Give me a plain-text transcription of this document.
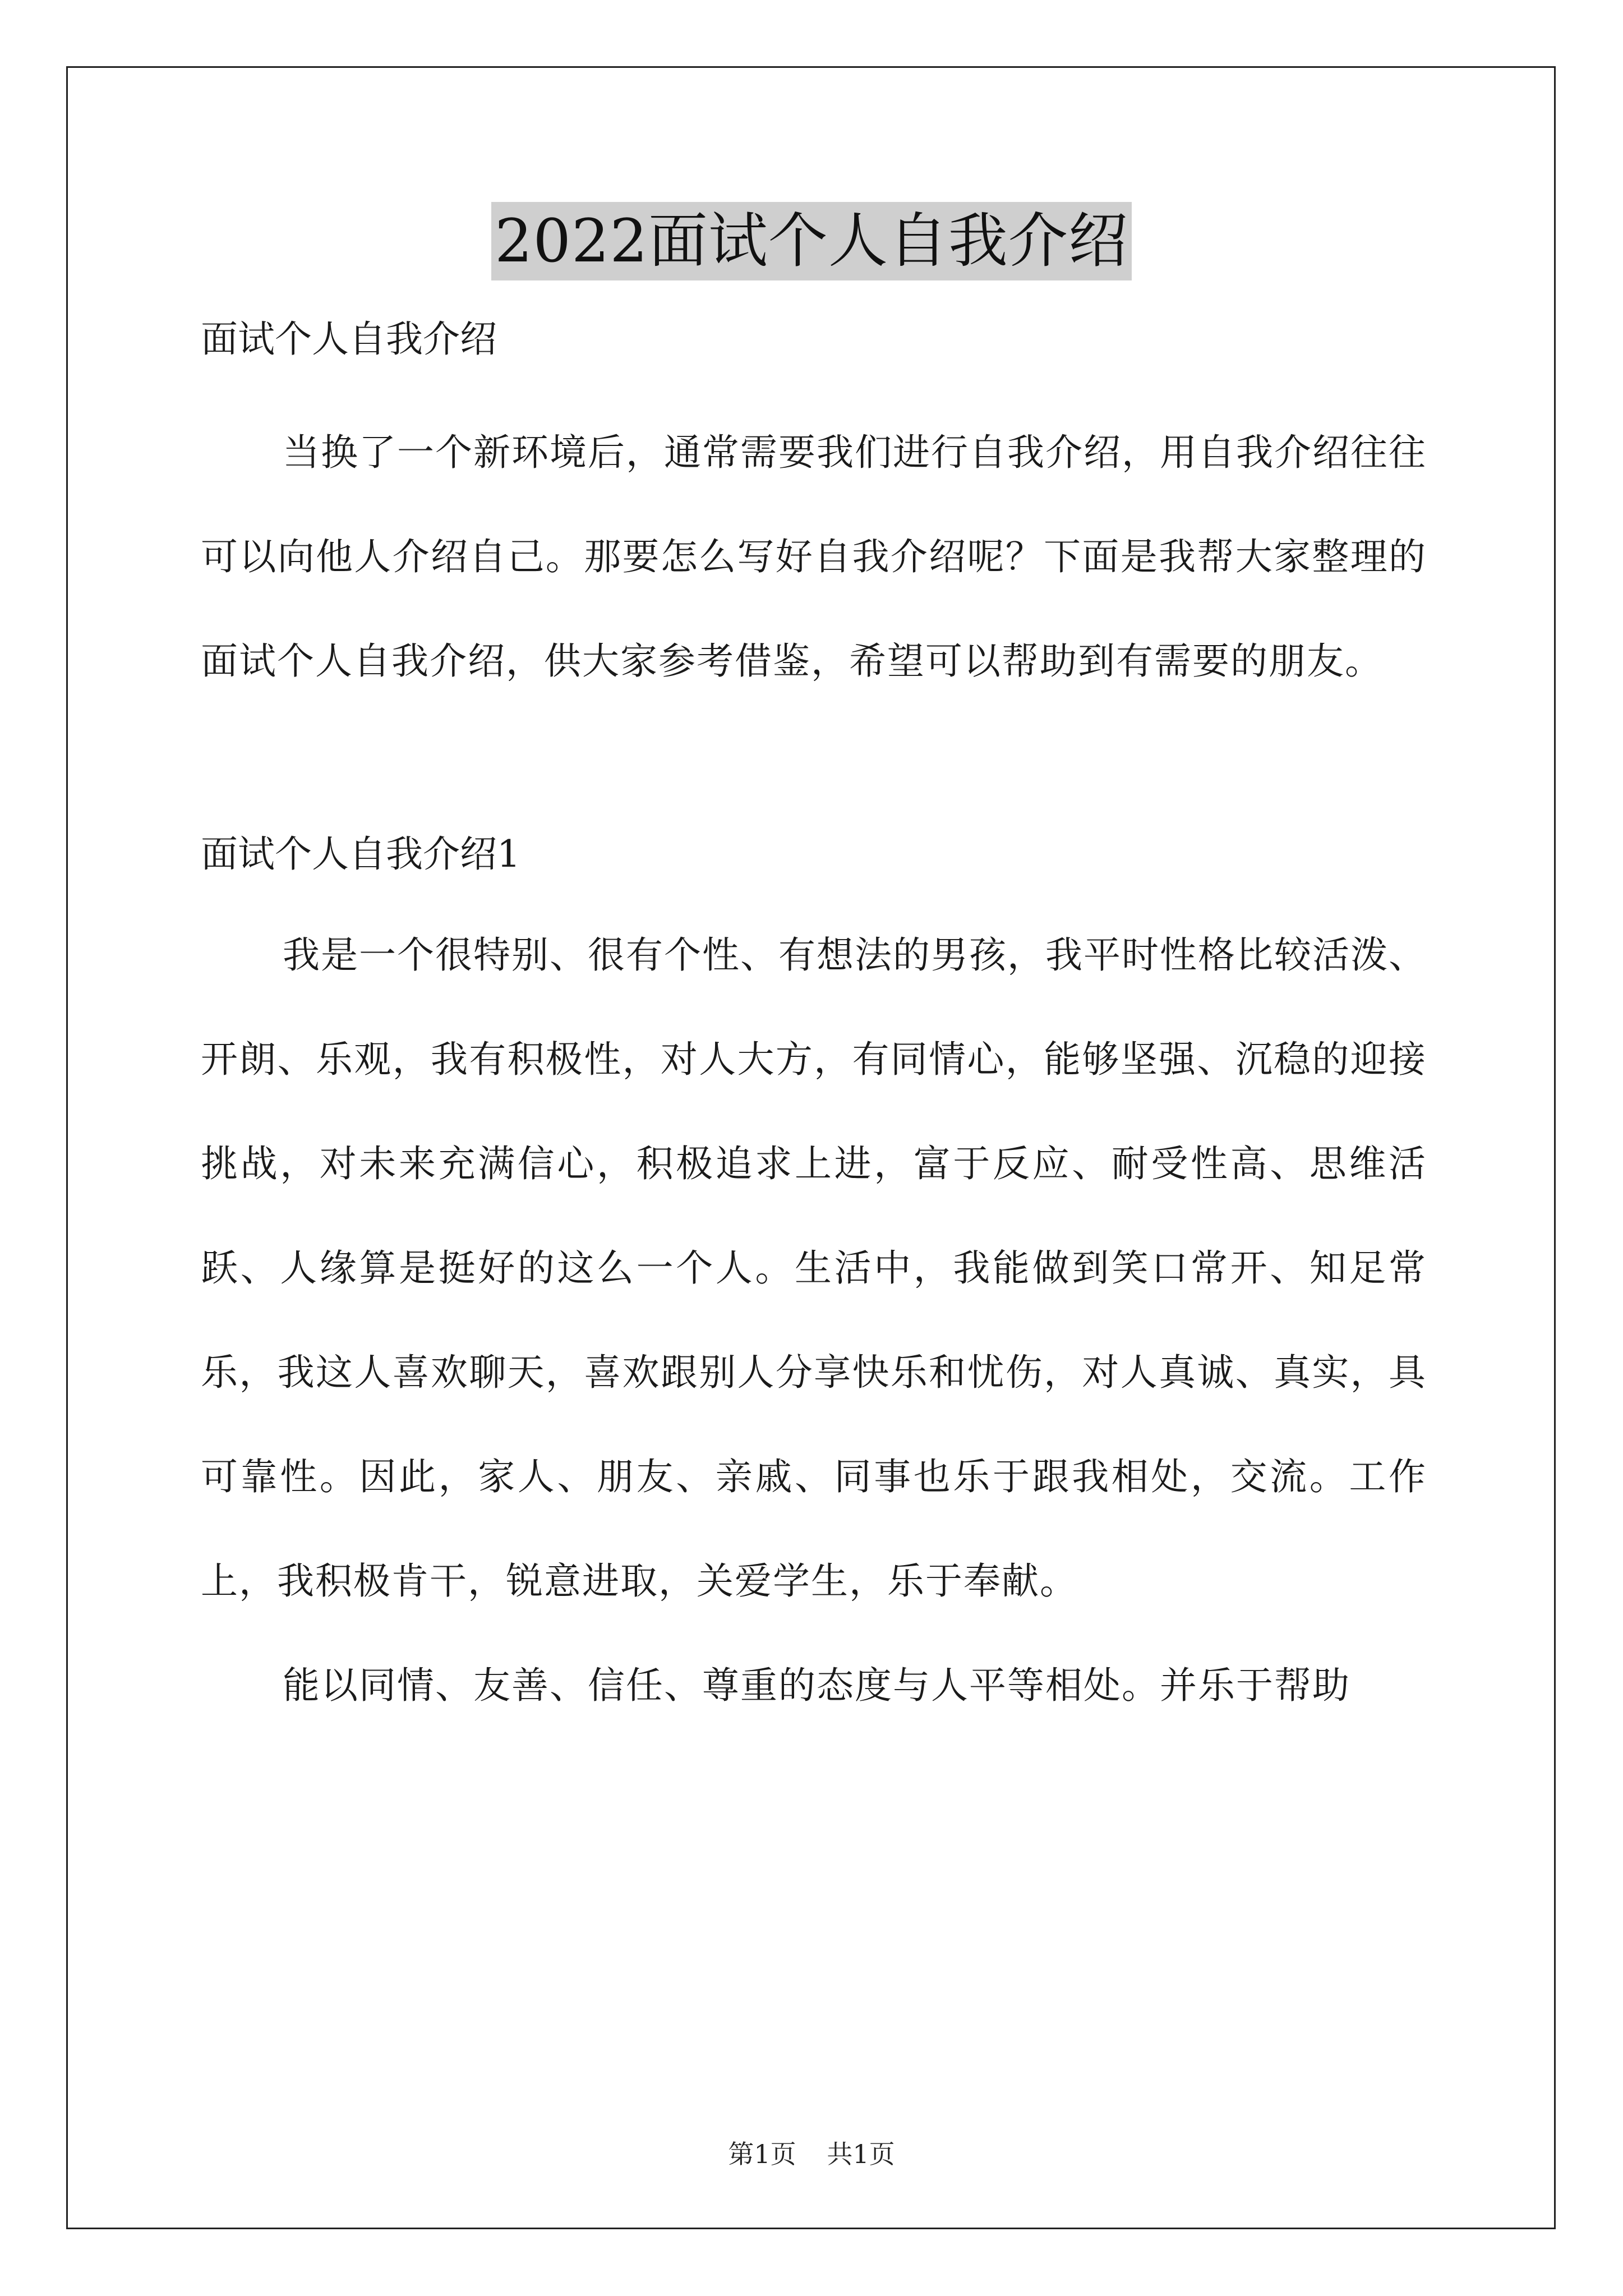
2022面试个人自我介绍

面试个人自我介绍

当换了一个新环境后，通常需要我们进行自我介绍，用自我介绍往往可以向他人介绍自己。那要怎么写好自我介绍呢？下面是我帮大家整理的面试个人自我介绍，供大家参考借鉴，希望可以帮助到有需要的朋友。

面试个人自我介绍1

我是一个很特别、很有个性、有想法的男孩，我平时性格比较活泼、开朗、乐观，我有积极性，对人大方，有同情心，能够坚强、沉稳的迎接挑战，对未来充满信心，积极追求上进，富于反应、耐受性高、思维活跃、人缘算是挺好的这么一个人。生活中，我能做到笑口常开、知足常乐，我这人喜欢聊天，喜欢跟别人分享快乐和忧伤，对人真诚、真实，具可靠性。因此，家人、朋友、亲戚、同事也乐于跟我相处，交流。工作上，我积极肯干，锐意进取，关爱学生，乐于奉献。

能以同情、友善、信任、尊重的态度与人平等相处。并乐于帮助

第1页 共1页
